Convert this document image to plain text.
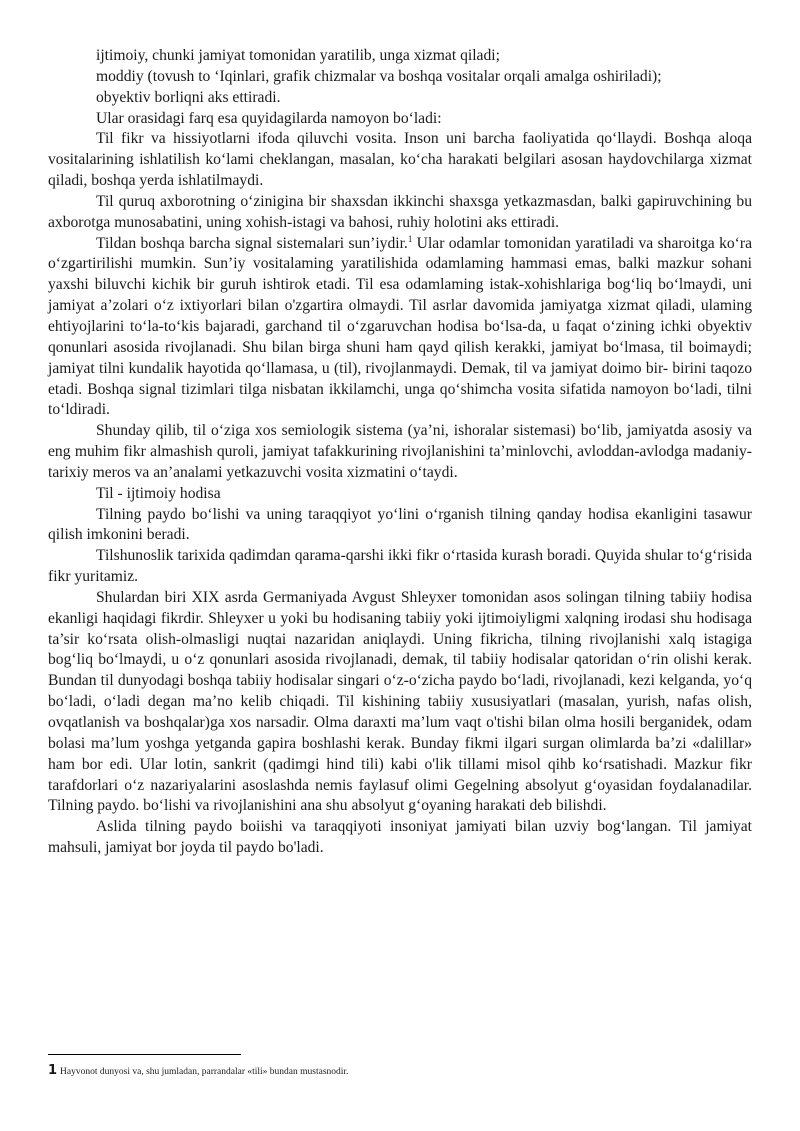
ijtimoiy, chunki jamiyat tomonidan yaratilib, unga xizmat qiladi;

moddiy (tovush to ‘Iqinlari, grafik chizmalar va boshqa vositalar orqali amalga oshiriladi);

obyektiv borliqni aks ettiradi.

Ular orasidagi farq esa quyidagilarda namoyon bo‘ladi:

Til fikr va hissiyotlarni ifoda qiluvchi vosita. Inson uni barcha faoliyatida qo‘llaydi. Boshqa aloqa vositalarining ishlatilish ko‘lami cheklangan, masalan, ko‘cha harakati belgilari asosan haydovchilarga xizmat qiladi, boshqa yerda ishlatilmaydi.

Til quruq axborotning o‘zinigina bir shaxsdan ikkinchi shaxsga yetkazmasdan, balki gapiruvchining bu axborotga munosabatini, uning xohish-istagi va bahosi, ruhiy holotini aks ettiradi.

Tildan boshqa barcha signal sistemalari sun’iydir.$^1$ Ular odamlar tomonidan yaratiladi va sharoitga ko‘ra o‘zgartirilishi mumkin. Sun’iy vositalaming yaratilishida odamlaming hammasi emas, balki mazkur sohani yaxshi biluvchi kichik bir guruh ishtirok etadi. Til esa odamlaming istak-xohishlariga bog‘liq bo‘lmaydi, uni jamiyat a’zolari o‘z ixtiyorlari bilan o'zgartira olmaydi. Til asrlar davomida jamiyatga xizmat qiladi, ulaming ehtiyojlarini to‘la-to‘kis bajaradi, garchand til o‘zgaruvchan hodisa bo‘lsa-da, u faqat o‘zining ichki obyektiv qonunlari asosida rivojlanadi. Shu bilan birga shuni ham qayd qilish kerakki, jamiyat bo‘lmasa, til boimaydi; jamiyat tilni kundalik hayotida qo‘llamasa, u (til), rivojlanmaydi. Demak, til va jamiyat doimo bir- birini taqozo etadi. Boshqa signal tizimlari tilga nisbatan ikkilamchi, unga qo‘shimcha vosita sifatida namoyon bo‘ladi, tilni to‘ldiradi.

Shunday qilib, til o‘ziga xos semiologik sistema (ya’ni, ishoralar sistemasi) bo‘lib, jamiyatda asosiy va eng muhim fikr almashish quroli, jamiyat tafakkurining rivojlanishini ta’minlovchi, avloddan-avlodga madaniy-tarixiy meros va an’analami yetkazuvchi vosita xizmatini o‘taydi.

Til - ijtimoiy hodisa

Tilning paydo bo‘lishi va uning taraqqiyot yo‘lini o‘rganish tilning qanday hodisa ekanligini tasawur qilish imkonini beradi.

Tilshunoslik tarixida qadimdan qarama-qarshi ikki fikr o‘rtasida kurash boradi. Quyida shular to‘g‘risida fikr yuritamiz.

Shulardan biri XIX asrda Germaniyada Avgust Shleyxer tomonidan asos solingan tilning tabiiy hodisa ekanligi haqidagi fikrdir. Shleyxer u yoki bu hodisaning tabiiy yoki ijtimoiyligmi xalqning irodasi shu hodisaga ta’sir ko‘rsata olish-olmasligi nuqtai nazaridan aniqlaydi. Uning fikricha, tilning rivojlanishi xalq istagiga bog‘liq bo‘lmaydi, u o‘z qonunlari asosida rivojlanadi, demak, til tabiiy hodisalar qatoridan o‘rin olishi kerak. Bundan til dunyodagi boshqa tabiiy hodisalar singari o‘z-o‘zicha paydo bo‘ladi, rivojlanadi, kezi kelganda, yo‘q bo‘ladi, o‘ladi degan ma’no kelib chiqadi. Til kishining tabiiy xususiyatlari (masalan, yurish, nafas olish, ovqatlanish va boshqalar)ga xos narsadir. Olma daraxti ma’lum vaqt o'tishi bilan olma hosili berganidek, odam bolasi ma’lum yoshga yetganda gapira boshlashi kerak. Bunday fikmi ilgari surgan olimlarda ba’zi «dalillar» ham bor edi. Ular lotin, sankrit (qadimgi hind tili) kabi o'lik tillami misol qihb ko‘rsatishadi. Mazkur fikr tarafdorlari o‘z nazariyalarini asoslashda nemis faylasuf olimi Gegelning absolyut g‘oyasidan foydalanadilar. Tilning paydo. bo‘lishi va rivojlanishini ana shu absolyut g‘oyaning harakati deb bilishdi.

Aslida tilning paydo boiishi va taraqqiyoti insoniyat jamiyati bilan uzviy bog‘langan. Til jamiyat mahsuli, jamiyat bor joyda til paydo bo'ladi.

1 Hayvonot dunyosi va, shu jumladan, parrandalar «tili» bundan mustasnodir.
